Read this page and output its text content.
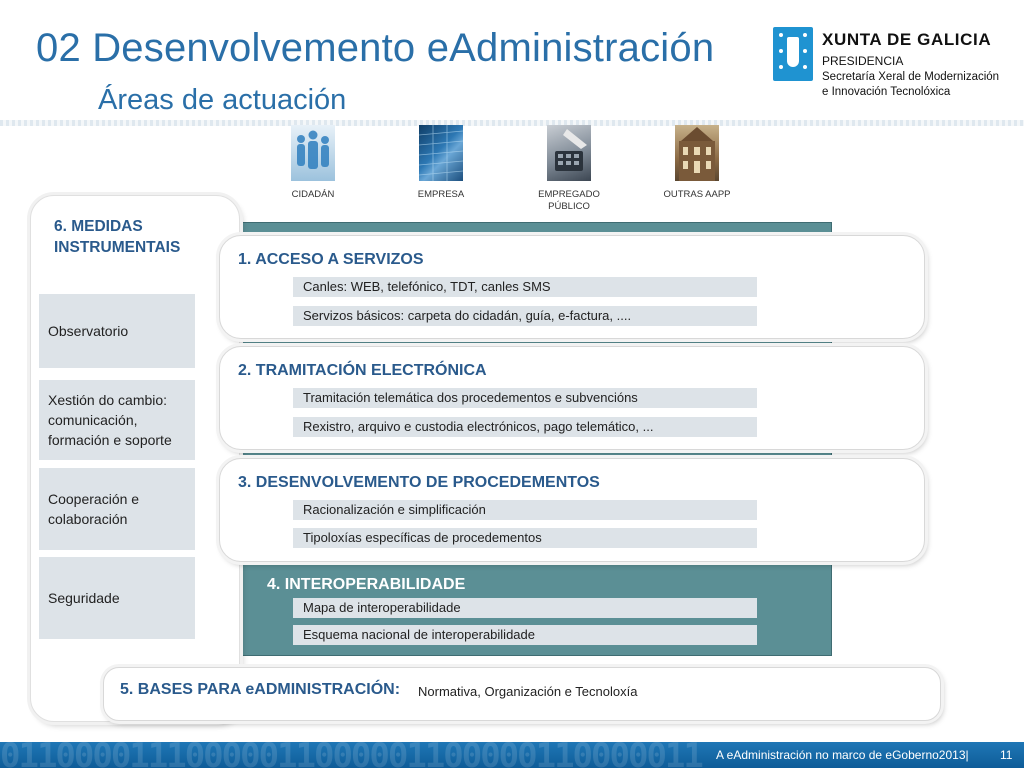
02 Desenvolvemento eAdministración
Áreas de actuación
XUNTA DE GALICIA
PRESIDENCIA
Secretaría Xeral de Modernización
e Innovación Tecnolóxica
CIDADÁN	EMPRESA	EMPREGADO PÚBLICO
OUTRAS AAPP
6. MEDIDAS INSTRUMENTAIS
Observatorio
Xestión do cambio: comunicación, formación e soporte
Cooperación e colaboración
Seguridade
1. ACCESO A SERVIZOS
Canles: WEB, telefónico, TDT, canles SMS
Servizos básicos: carpeta do cidadán, guía, e-factura, ....
2. TRAMITACIÓN ELECTRÓNICA
Tramitación telemática dos procedementos e subvencións
Rexistro, arquivo e custodia electrónicos, pago telemático, ...
3. DESENVOLVEMENTO DE PROCEDEMENTOS
Racionalización e simplificación
Tipoloxías específicas de procedementos
4. INTEROPERABILIDADE
Mapa de interoperabilidade
Esquema nacional de interoperabilidade
5. BASES PARA eADMINISTRACIÓN: Normativa, Organización e Tecnoloxía
01100001110000011000001100000110000011 A eAdministración no marco de eGoberno2013|	11
